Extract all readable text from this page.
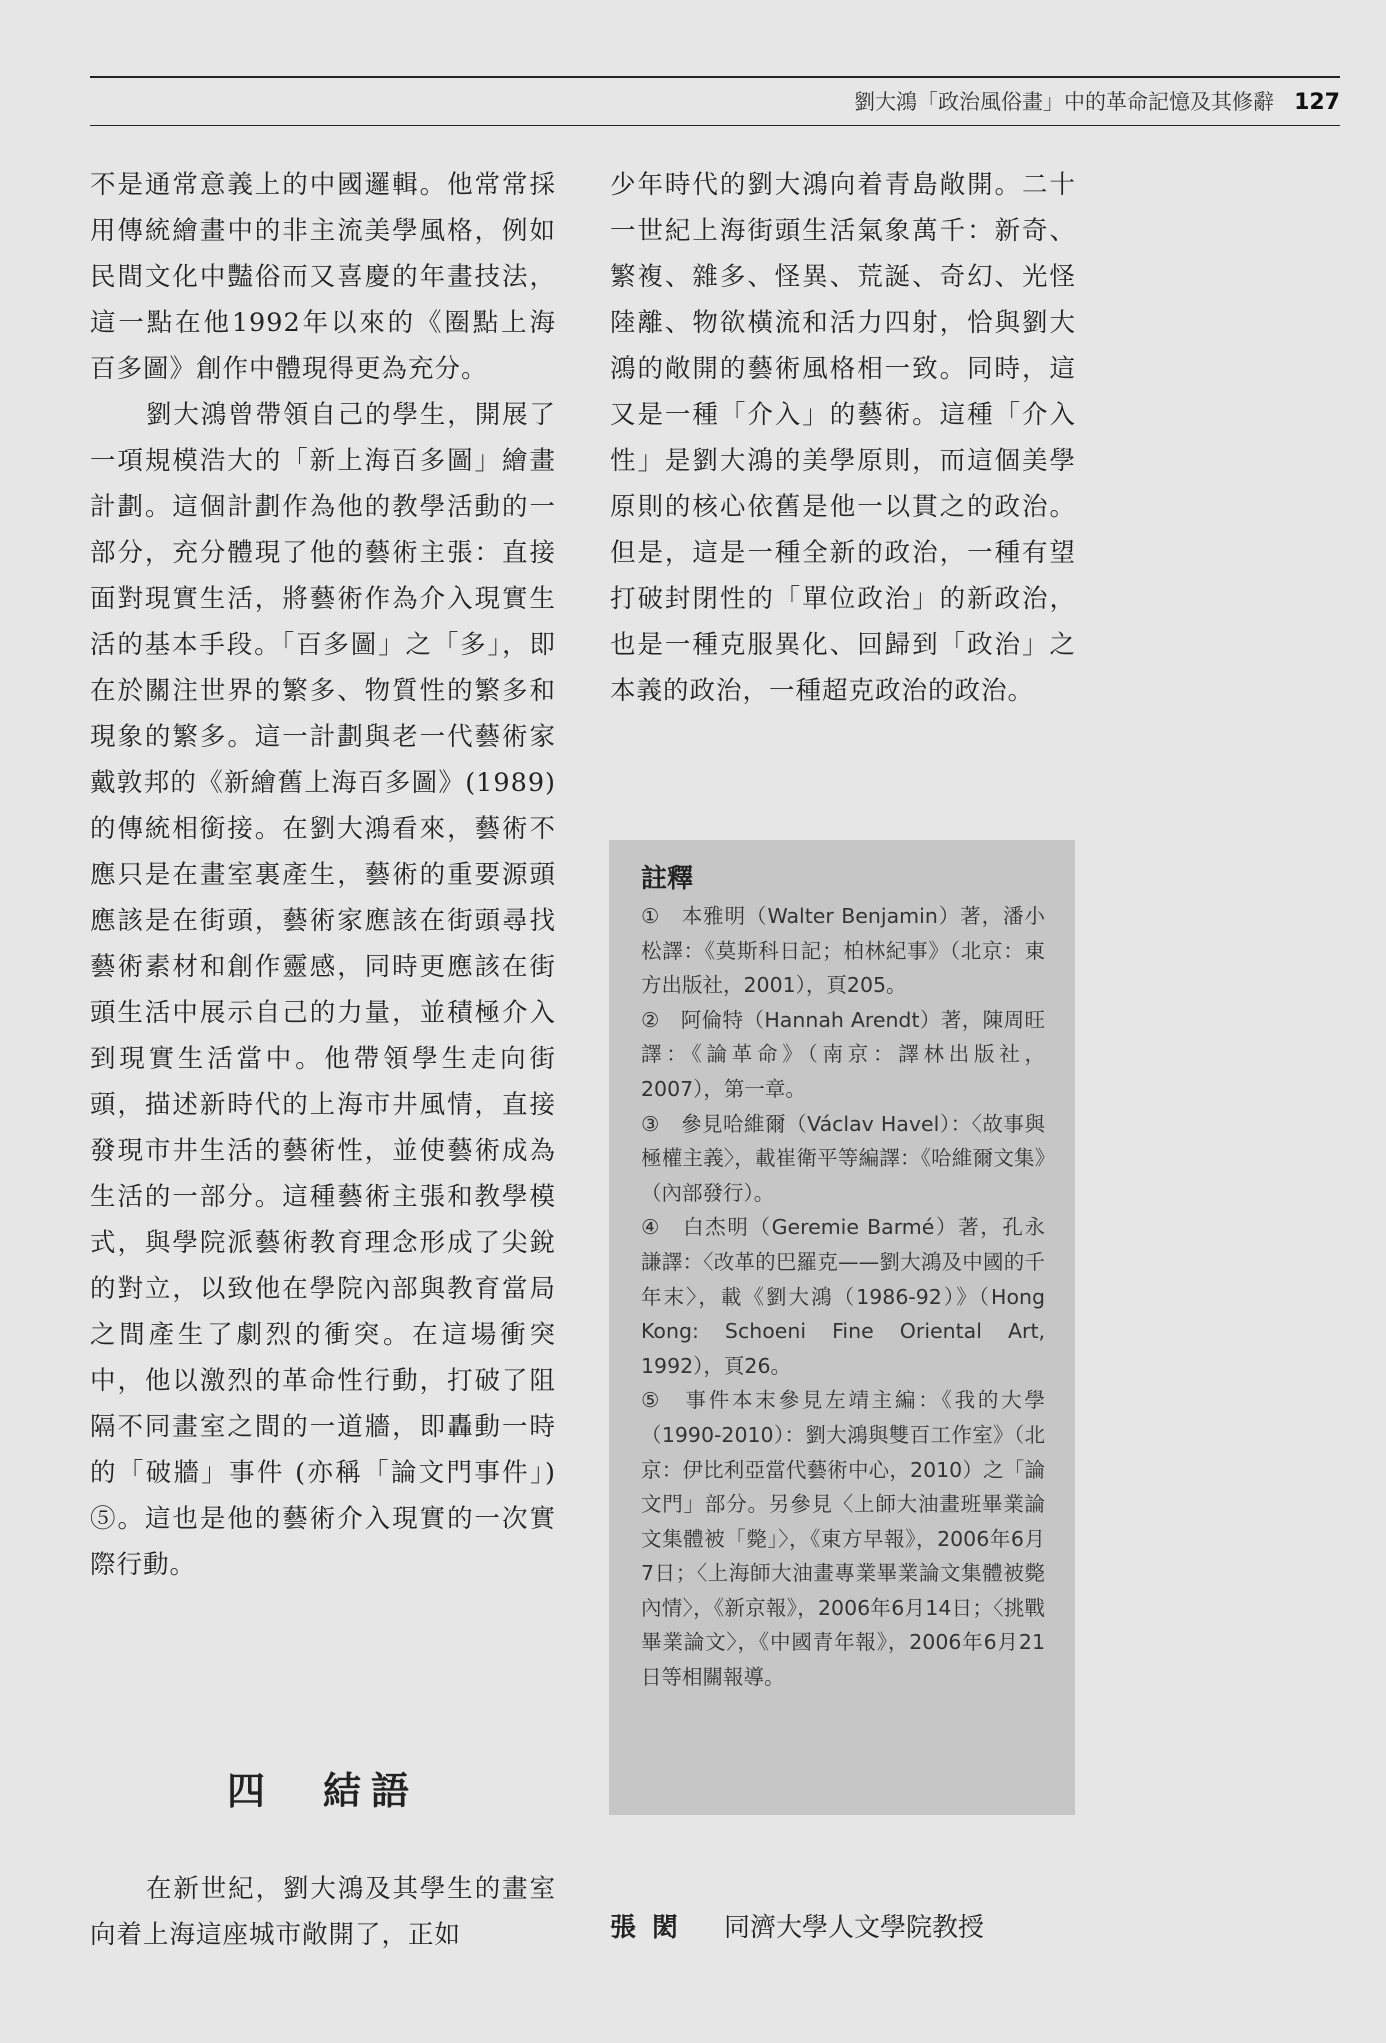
劉大鴻「政治風俗畫」中的革命記憶及其修辭 127

不是通常意義上的中國邏輯。他常常採用傳統繪畫中的非主流美學風格，例如民間文化中豔俗而又喜慶的年畫技法，這一點在他1992年以來的《圈點上海百多圖》創作中體現得更為充分。

劉大鴻曾帶領自己的學生，開展了一項規模浩大的「新上海百多圖」繪畫計劃。這個計劃作為他的教學活動的一部分，充分體現了他的藝術主張：直接面對現實生活，將藝術作為介入現實生活的基本手段。「百多圖」之「多」，即在於關注世界的繁多、物質性的繁多和現象的繁多。這一計劃與老一代藝術家戴敦邦的《新繪舊上海百多圖》(1989) 的傳統相銜接。在劉大鴻看來，藝術不應只是在畫室裏產生，藝術的重要源頭應該是在街頭，藝術家應該在街頭尋找藝術素材和創作靈感，同時更應該在街頭生活中展示自己的力量，並積極介入到現實生活當中。他帶領學生走向街頭，描述新時代的上海市井風情，直接發現市井生活的藝術性，並使藝術成為生活的一部分。這種藝術主張和教學模式，與學院派藝術教育理念形成了尖銳的對立，以致他在學院內部與教育當局之間產生了劇烈的衝突。在這場衝突中，他以激烈的革命性行動，打破了阻隔不同畫室之間的一道牆，即轟動一時的「破牆」事件 (亦稱「論文門事件」) ⑤。這也是他的藝術介入現實的一次實際行動。

四　結語

在新世紀，劉大鴻及其學生的畫室向着上海這座城市敞開了，正如

少年時代的劉大鴻向着青島敞開。二十一世紀上海街頭生活氣象萬千：新奇、繁複、雜多、怪異、荒誕、奇幻、光怪陸離、物欲橫流和活力四射，恰與劉大鴻的敞開的藝術風格相一致。同時，這又是一種「介入」的藝術。這種「介入性」是劉大鴻的美學原則，而這個美學原則的核心依舊是他一以貫之的政治。但是，這是一種全新的政治，一種有望打破封閉性的「單位政治」的新政治，也是一種克服異化、回歸到「政治」之本義的政治，一種超克政治的政治。

註釋

①　本雅明（Walter Benjamin）著，潘小松譯：《莫斯科日記；柏林紀事》（北京：東方出版社，2001），頁205。

②　阿倫特（Hannah Arendt）著，陳周旺譯：《論革命》（南京：譯林出版社，2007），第一章。

③　參見哈維爾（Václav Havel）：〈故事與極權主義〉，載崔衛平等編譯：《哈維爾文集》（內部發行）。

④　白杰明（Geremie Barmé）著，孔永謙譯：〈改革的巴羅克——劉大鴻及中國的千年末〉，載《劉大鴻（1986-92）》（Hong Kong: Schoeni Fine Oriental Art, 1992），頁26。

⑤　事件本末參見左靖主編：《我的大學（1990-2010）：劉大鴻與雙百工作室》（北京：伊比利亞當代藝術中心，2010）之「論文門」部分。另參見〈上師大油畫班畢業論文集體被「斃」〉，《東方早報》，2006年6月7日；〈上海師大油畫專業畢業論文集體被斃內情〉，《新京報》，2006年6月14日；〈挑戰畢業論文〉，《中國青年報》，2006年6月21日等相關報導。

張閎 同濟大學人文學院教授
